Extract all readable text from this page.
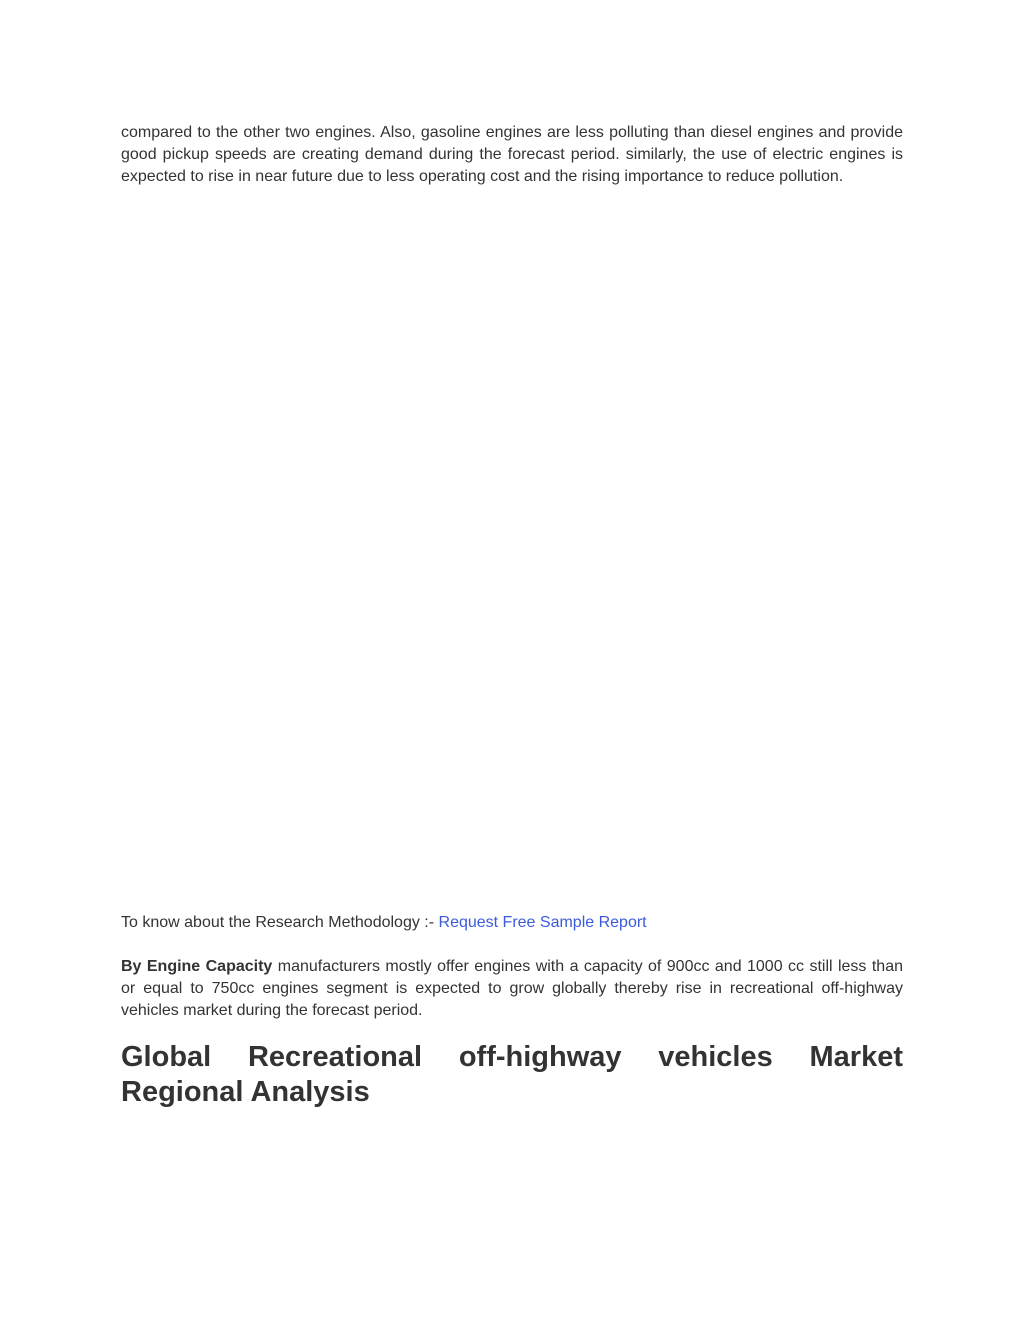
compared to the other two engines. Also, gasoline engines are less polluting than diesel engines and provide good pickup speeds are creating demand during the forecast period. similarly, the use of electric engines is expected to rise in near future due to less operating cost and the rising importance to reduce pollution.

To know about the Research Methodology :- Request Free Sample Report

By Engine Capacity manufacturers mostly offer engines with a capacity of 900cc and 1000 cc still less than or equal to 750cc engines segment is expected to grow globally thereby rise in recreational off-highway vehicles market during the forecast period.

Global Recreational off-highway vehicles Market Regional Analysis
